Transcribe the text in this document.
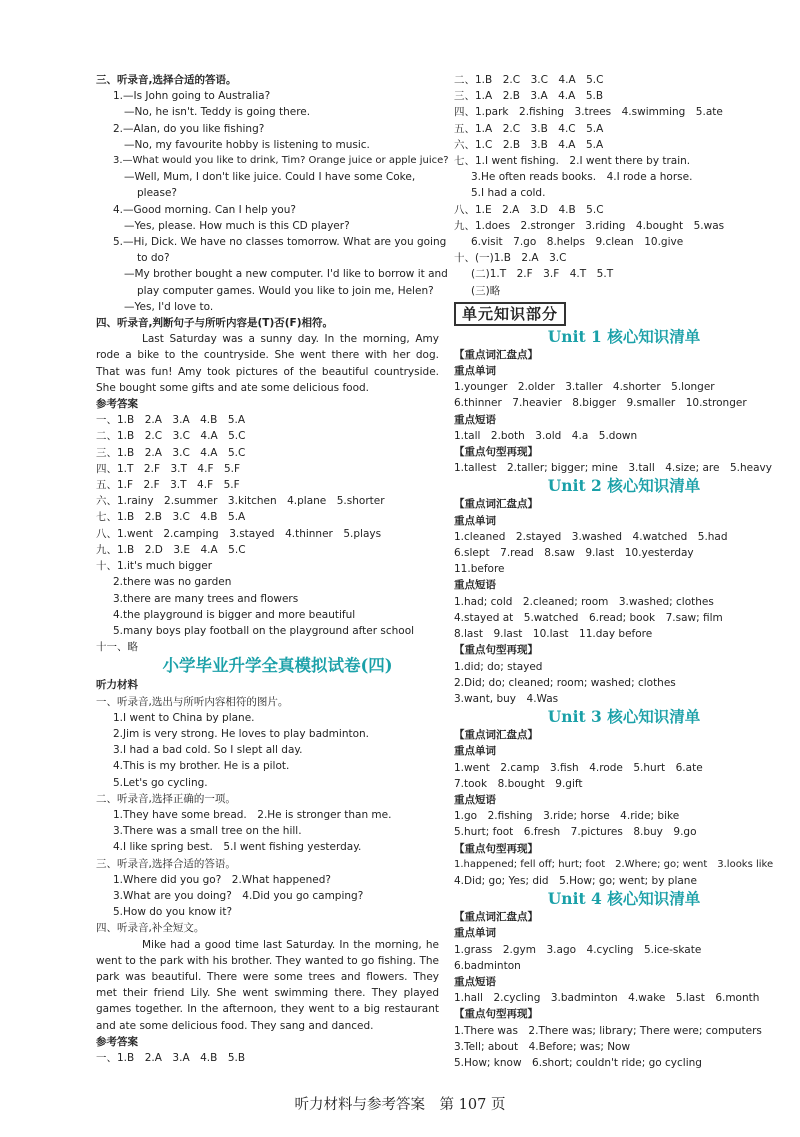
三、听录音,选择合适的答语。
1.—Is John going to Australia?
—No, he isn't. Teddy is going there.
2.—Alan, do you like fishing?
—No, my favourite hobby is listening to music.
3.—What would you like to drink, Tim? Orange juice or apple juice?
—Well, Mum, I don't like juice. Could I have some Coke,
please?
4.—Good morning. Can I help you?
—Yes, please. How much is this CD player?
5.—Hi, Dick. We have no classes tomorrow. What are you going
to do?
—My brother bought a new computer. I'd like to borrow it and
play computer games. Would you like to join me, Helen?
—Yes, I'd love to.
四、听录音,判断句子与所听内容是(T)否(F)相符。
Last Saturday was a sunny day. In the morning, Amy rode a bike to the countryside. She went there with her dog. That was fun! Amy took pictures of the beautiful countryside. She bought some gifts and ate some delicious food.
参考答案
一、1.B　2.A　3.A　4.B　5.A
二、1.B　2.C　3.C　4.A　5.C
三、1.B　2.A　3.C　4.A　5.C
四、1.T　2.F　3.T　4.F　5.F
五、1.F　2.F　3.T　4.F　5.F
六、1.rainy　2.summer　3.kitchen　4.plane　5.shorter
七、1.B　2.B　3.C　4.B　5.A
八、1.went　2.camping　3.stayed　4.thinner　5.plays
九、1.B　2.D　3.E　4.A　5.C
十、1.it's much bigger
2.there was no garden
3.there are many trees and flowers
4.the playground is bigger and more beautiful
5.many boys play football on the playground after school
十一、略
小学毕业升学全真模拟试卷(四)
听力材料
一、听录音,选出与所听内容相符的图片。
1.I went to China by plane.
2.Jim is very strong. He loves to play badminton.
3.I had a bad cold. So I slept all day.
4.This is my brother. He is a pilot.
5.Let's go cycling.
二、听录音,选择正确的一项。
1.They have some bread.　2.He is stronger than me.
3.There was a small tree on the hill.
4.I like spring best.　5.I went fishing yesterday.
三、听录音,选择合适的答语。
1.Where did you go?　2.What happened?
3.What are you doing?　4.Did you go camping?
5.How do you know it?
四、听录音,补全短文。
Mike had a good time last Saturday. In the morning, he went to the park with his brother. They wanted to go fishing. The park was beautiful. There were some trees and flowers. They met their friend Lily. She went swimming there. They played games together. In the afternoon, they went to a big restaurant and ate some delicious food. They sang and danced.
参考答案
一、1.B　2.A　3.A　4.B　5.B
二、1.B　2.C　3.C　4.A　5.C
三、1.A　2.B　3.A　4.A　5.B
四、1.park　2.fishing　3.trees　4.swimming　5.ate
五、1.A　2.C　3.B　4.C　5.A
六、1.C　2.B　3.B　4.A　5.A
七、1.I went fishing.　2.I went there by train.
3.He often reads books.　4.I rode a horse.
5.I had a cold.
八、1.E　2.A　3.D　4.B　5.C
九、1.does　2.stronger　3.riding　4.bought　5.was
6.visit　7.go　8.helps　9.clean　10.give
十、(一)1.B　2.A　3.C
(二)1.T　2.F　3.F　4.T　5.T
(三)略
单元知识部分
Unit 1 核心知识清单
【重点词汇盘点】
重点单词
1.younger　2.older　3.taller　4.shorter　5.longer
6.thinner　7.heavier　8.bigger　9.smaller　10.stronger
重点短语
1.tall　2.both　3.old　4.a　5.down
【重点句型再现】
1.tallest　2.taller; bigger; mine　3.tall　4.size; are　5.heavy
Unit 2 核心知识清单
【重点词汇盘点】
重点单词
1.cleaned　2.stayed　3.washed　4.watched　5.had
6.slept　7.read　8.saw　9.last　10.yesterday
11.before
重点短语
1.had; cold　2.cleaned; room　3.washed; clothes
4.stayed at　5.watched　6.read; book　7.saw; film
8.last　9.last　10.last　11.day before
【重点句型再现】
1.did; do; stayed
2.Did; do; cleaned; room; washed; clothes
3.want, buy　4.Was
Unit 3 核心知识清单
【重点词汇盘点】
重点单词
1.went　2.camp　3.fish　4.rode　5.hurt　6.ate
7.took　8.bought　9.gift
重点短语
1.go　2.fishing　3.ride; horse　4.ride; bike
5.hurt; foot　6.fresh　7.pictures　8.buy　9.go
【重点句型再现】
1.happened; fell off; hurt; foot　2.Where; go; went　3.looks like
4.Did; go; Yes; did　5.How; go; went; by plane
Unit 4 核心知识清单
【重点词汇盘点】
重点单词
1.grass　2.gym　3.ago　4.cycling　5.ice-skate
6.badminton
重点短语
1.hall　2.cycling　3.badminton　4.wake　5.last　6.month
【重点句型再现】
1.There was　2.There was; library; There were; computers
3.Tell; about　4.Before; was; Now
5.How; know　6.short; couldn't ride; go cycling
听力材料与参考答案　第 107 页
